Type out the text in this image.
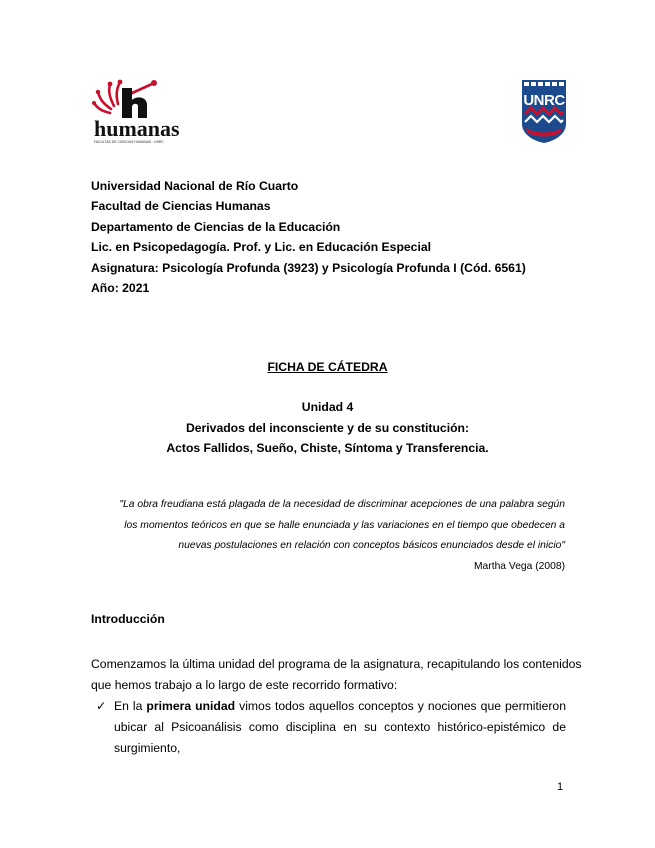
humanas
FACULTAD DE CIENCIAS HUMANAS · UNRC
UNRC
Universidad Nacional de Río Cuarto
Facultad de Ciencias Humanas
Departamento de Ciencias de la Educación
Lic. en Psicopedagogía. Prof. y Lic. en Educación Especial
Asignatura: Psicología Profunda (3923) y Psicología Profunda I (Cód. 6561)
Año: 2021
FICHA DE CÁTEDRA
Unidad 4
Derivados del inconsciente y de su constitución:
Actos Fallidos, Sueño, Chiste, Síntoma y Transferencia.
"La obra freudiana está plagada de la necesidad de discriminar acepciones de una palabra según
los momentos teóricos en que se halle enunciada y las variaciones en el tiempo que obedecen a
nuevas postulaciones en relación con conceptos básicos enunciados desde el inicio"
Martha Vega (2008)
Introducción
Comenzamos la última unidad del programa de la asignatura, recapitulando los contenidos
que hemos trabajo a lo largo de este recorrido formativo:
✓ En la primera unidad vimos todos aquellos conceptos y nociones que permitieron
ubicar al Psicoanálisis como disciplina en su contexto histórico-epistémico de
surgimiento,
1
